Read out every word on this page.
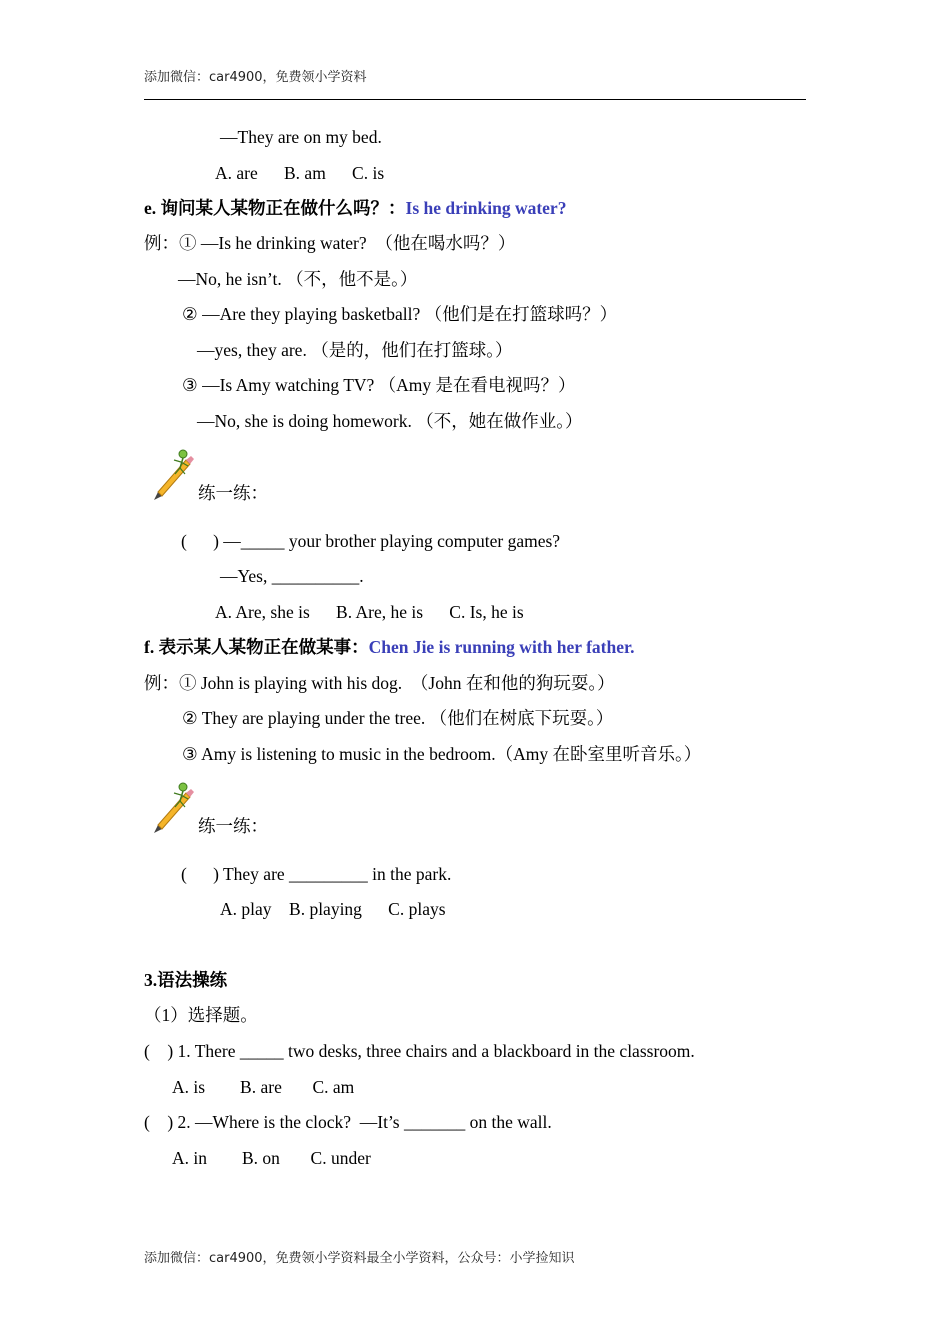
添加微信：car4900，免费领小学资料
—They are on my bed.
A. are      B. am      C. is
e. 询问某人某物正在做什么吗？：Is he drinking water?
例：① —Is he drinking water?  （他在喝水吗？）
—No, he isn’t. （不，他不是。）
② —Are they playing basketball? （他们是在打篮球吗？）
—yes, they are. （是的，他们在打篮球。）
③ —Is Amy watching TV? （Amy 是在看电视吗？）
—No, she is doing homework. （不，她在做作业。）
练一练：
(      ) —_____ your brother playing computer games?
—Yes, __________.
A. Are, she is      B. Are, he is      C. Is, he is
f. 表示某人某物正在做某事：Chen Jie is running with her father.
例：① John is playing with his dog.  （John 在和他的狗玩耍。）
② They are playing under the tree. （他们在树底下玩耍。）
③ Amy is listening to music in the bedroom.（Amy 在卧室里听音乐。）
练一练：
(      ) They are _________ in the park.
A. play    B. playing      C. plays
3.语法操练
（1）选择题。
(    ) 1. There _____ two desks, three chairs and a blackboard in the classroom.
A. is        B. are       C. am
(    ) 2. —Where is the clock?  —It’s _______ on the wall.
A. in        B. on       C. under
添加微信：car4900，免费领小学资料最全小学资料，公众号：小学捡知识
